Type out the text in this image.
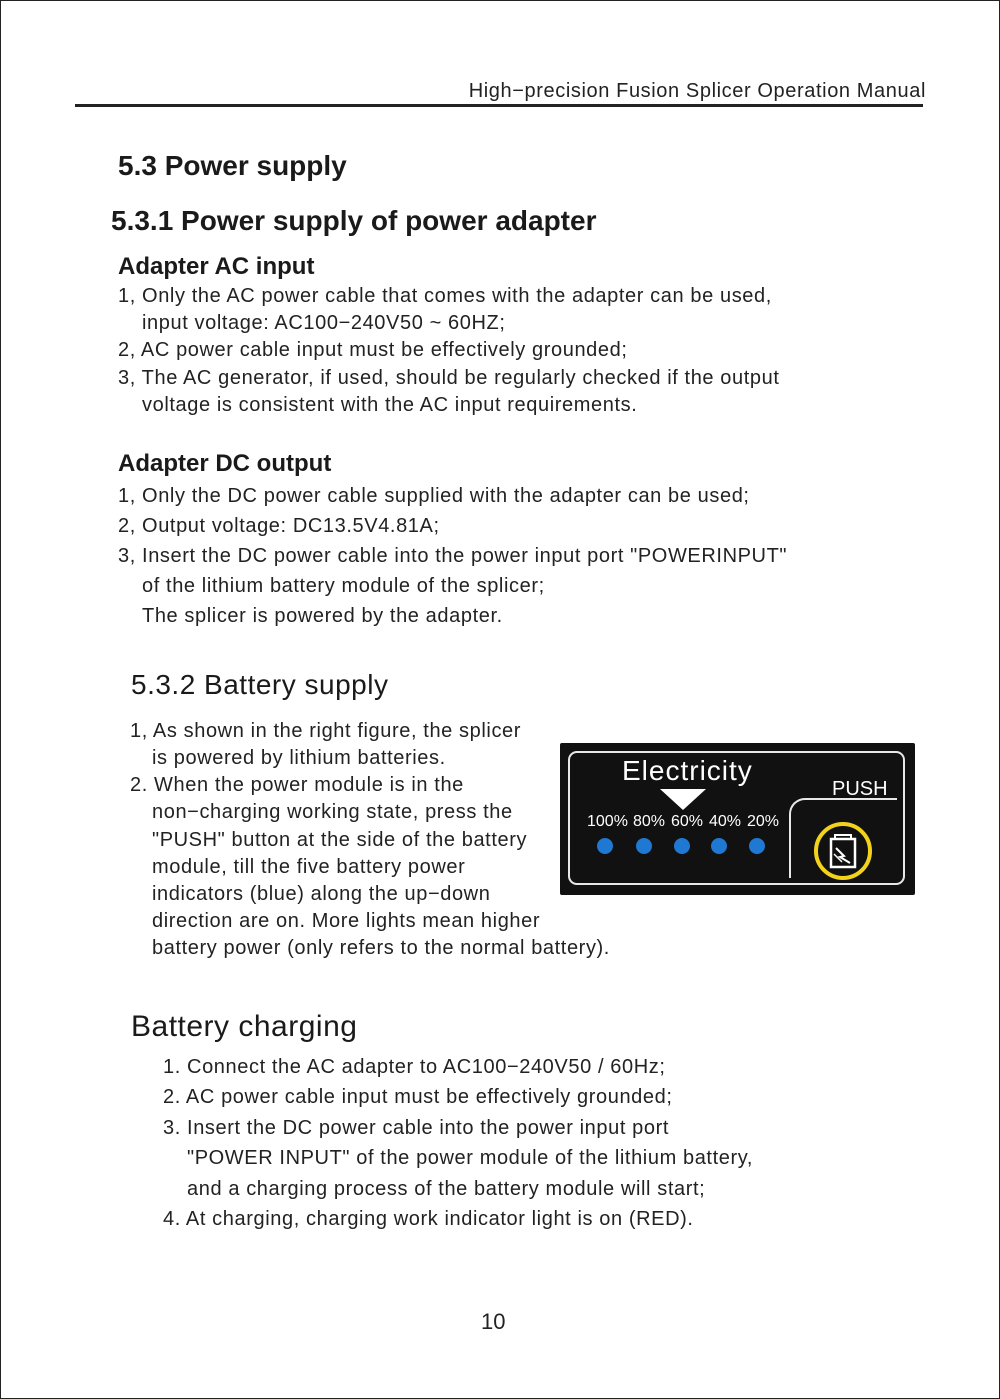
High−precision Fusion Splicer Operation Manual
5.3 Power supply
5.3.1 Power supply of power adapter
Adapter AC input
1, Only the AC power cable that comes with the adapter can be used,
input voltage: AC100−240V50 ~ 60HZ;
2, AC power cable input must be effectively grounded;
3, The AC generator, if used, should be regularly checked if the output
voltage is consistent with the AC input requirements.
Adapter DC output
1, Only the DC power cable supplied with the adapter can be used;
2, Output voltage: DC13.5V4.81A;
3, Insert the DC power cable into the power input port "POWERINPUT"
of the lithium battery module of the splicer;
The splicer is powered by the adapter.
5.3.2 Battery supply
1, As shown in the right figure, the splicer
is powered by lithium batteries.
2. When the power module is in the
non−charging working state, press the
"PUSH" button at the side of the battery
module, till the five battery power
indicators (blue) along the up−down
direction are on. More lights mean higher
battery power (only refers to the normal battery).
Electricity
PUSH
100% 80% 60% 40% 20%
Battery charging
1. Connect the AC adapter to AC100−240V50 / 60Hz;
2. AC power cable input must be effectively grounded;
3. Insert the DC power cable into the power input port
"POWER INPUT" of the power module of the lithium battery,
and a charging process of the battery module will start;
4. At charging, charging work indicator light is on (RED).
10
